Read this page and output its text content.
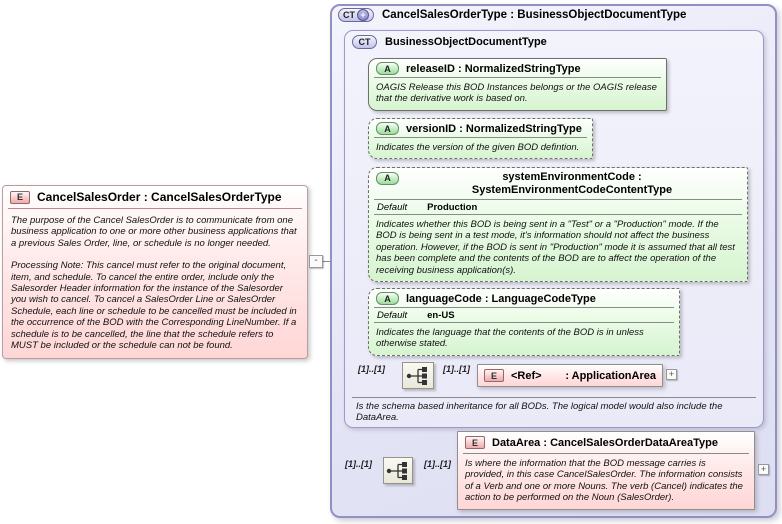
CT + CancelSalesOrderType : BusinessObjectDocumentType
CT	BusinessObjectDocumentType
A	releaseID : NormalizedStringType
OAGIS Release this BOD Instances belongs or the OAGIS release that the derivative work is based on.
A	versionID : NormalizedStringType
Indicates the version of the given BOD defintion.
A	systemEnvironmentCode : SystemEnvironmentCodeContentType
Default Production
Indicates whether this BOD is being sent in a "Test" or a "Production" mode. If the BOD is being sent in a test mode, it's information should not affect the business operation. However, if the BOD is sent in "Production" mode it is assumed that all test has been complete and the contents of the BOD are to affect the operation of the receiving business application(s).
A	languageCode : LanguageCodeType
Default en-US
Indicates the language that the contents of the BOD is in unless otherwise stated.
[1]..[1]	[1]..[1]
E	<Ref> : ApplicationArea	+
Is the schema based inheritance for all BODs. The logical model would also include the DataArea.
[1]..[1]	[1]..[1]
E	DataArea : CancelSalesOrderDataAreaType
Is where the information that the BOD message carries is provided, in this case CancelSalesOrder. The information consists of a Verb and one or more Nouns. The verb (Cancel) indicates the action to be performed on the Noun (SalesOrder).
+
E	CancelSalesOrder : CancelSalesOrderType
The purpose of the Cancel SalesOrder is to communicate from one business application to one or more other business applications that a previous Sales Order, line, or schedule is no longer needed.
Processing Note: This cancel must refer to the original document, item, and schedule. To cancel the entire order, include only the Salesorder Header information for the instance of the Salesorder you wish to cancel. To cancel a SalesOrder Line or SalesOrder Schedule, each line or schedule to be cancelled must be included in the occurrence of the BOD with the Corresponding LineNumber. If a schedule is to be cancelled, the line that the schedule refers to MUST be included or the schedule can not be found.
-
